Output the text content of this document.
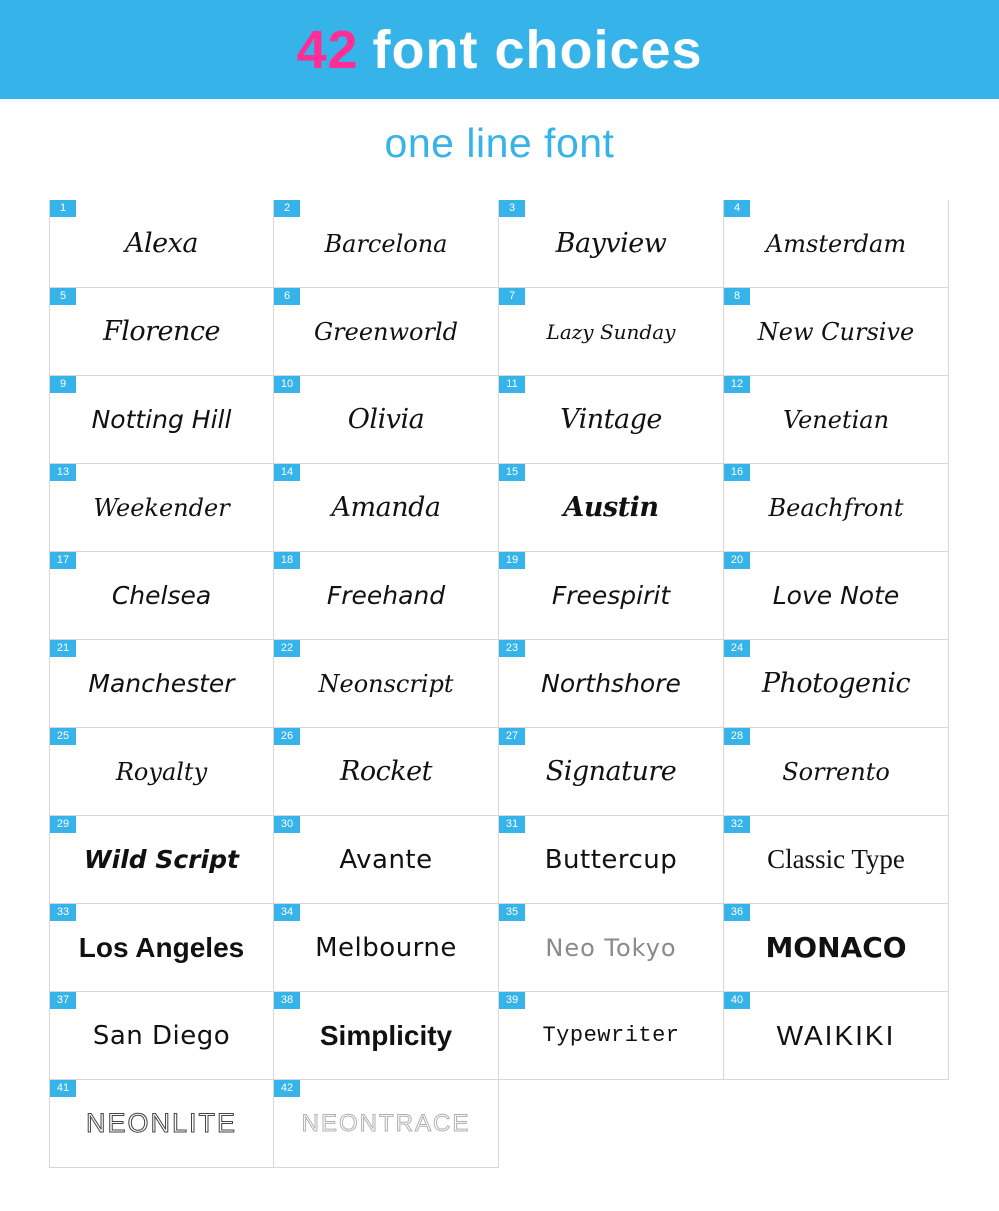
42 font choices
one line font
1
Alexa
2
Barcelona
3
Bayview
4
Amsterdam
5
Florence
6
Greenworld
7
Lazy Sunday
8
New Cursive
9
Notting Hill
10
Olivia
11
Vintage
12
Venetian
13
Weekender
14
Amanda
15
Austin
16
Beachfront
17
Chelsea
18
Freehand
19
Freespirit
20
Love Note
21
Manchester
22
Neonscript
23
Northshore
24
Photogenic
25
Royalty
26
Rocket
27
Signature
28
Sorrento
29
Wild Script
30
Avante
31
Buttercup
32
Classic Type
33
Los Angeles
34
Melbourne
35
Neo Tokyo
36
MONACO
37
San Diego
38
Simplicity
39
Typewriter
40
WAIKIKI
41
NEONLITE
42
NEONTRACE
